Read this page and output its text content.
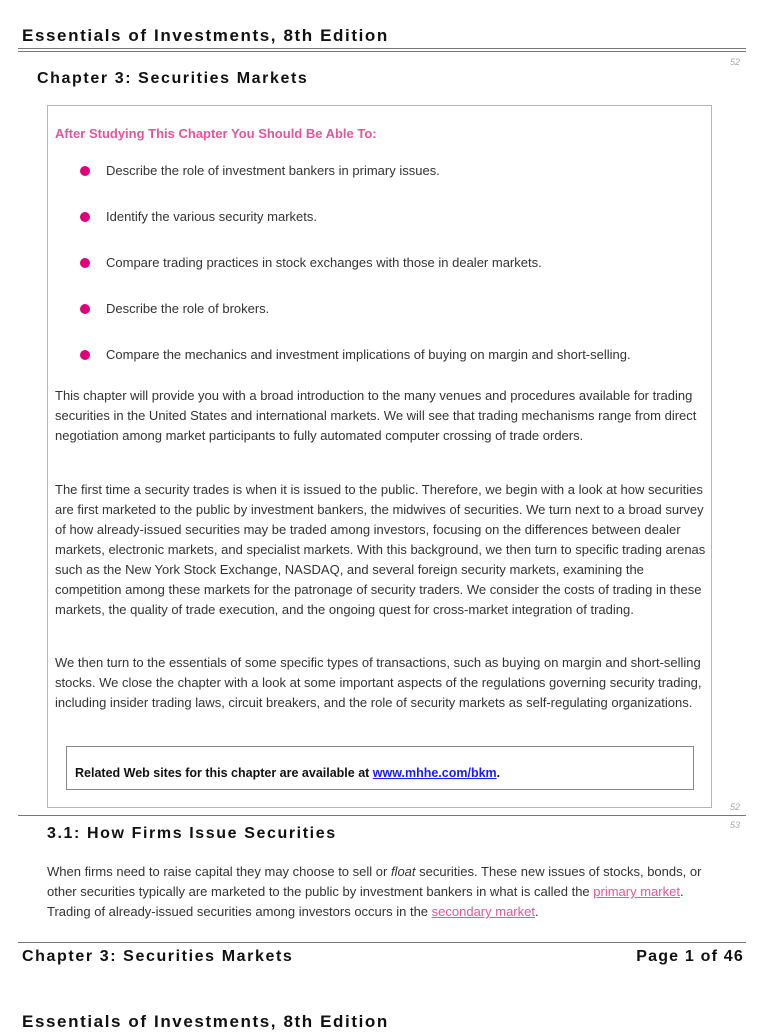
Essentials of Investments, 8th Edition
52
Chapter 3: Securities Markets
After Studying This Chapter You Should Be Able To:
Describe the role of investment bankers in primary issues.
Identify the various security markets.
Compare trading practices in stock exchanges with those in dealer markets.
Describe the role of brokers.
Compare the mechanics and investment implications of buying on margin and short-selling.

This chapter will provide you with a broad introduction to the many venues and procedures available for trading securities in the United States and international markets. We will see that trading mechanisms range from direct negotiation among market participants to fully automated computer crossing of trade orders.

The first time a security trades is when it is issued to the public. Therefore, we begin with a look at how securities are first marketed to the public by investment bankers, the midwives of securities. We turn next to a broad survey of how already-issued securities may be traded among investors, focusing on the differences between dealer markets, electronic markets, and specialist markets. With this background, we then turn to specific trading arenas such as the New York Stock Exchange, NASDAQ, and several foreign security markets, examining the competition among these markets for the patronage of security traders. We consider the costs of trading in these markets, the quality of trade execution, and the ongoing quest for cross-market integration of trading.

We then turn to the essentials of some specific types of transactions, such as buying on margin and short-selling stocks. We close the chapter with a look at some important aspects of the regulations governing security trading, including insider trading laws, circuit breakers, and the role of security markets as self-regulating organizations.

Related Web sites for this chapter are available at www.mhhe.com/bkm.
52
53
3.1: How Firms Issue Securities

When firms need to raise capital they may choose to sell or float securities. These new issues of stocks, bonds, or other securities typically are marketed to the public by investment bankers in what is called the primary market. Trading of already-issued securities among investors occurs in the secondary market.

Chapter 3: Securities Markets	Page 1 of 46
Essentials of Investments, 8th Edition
